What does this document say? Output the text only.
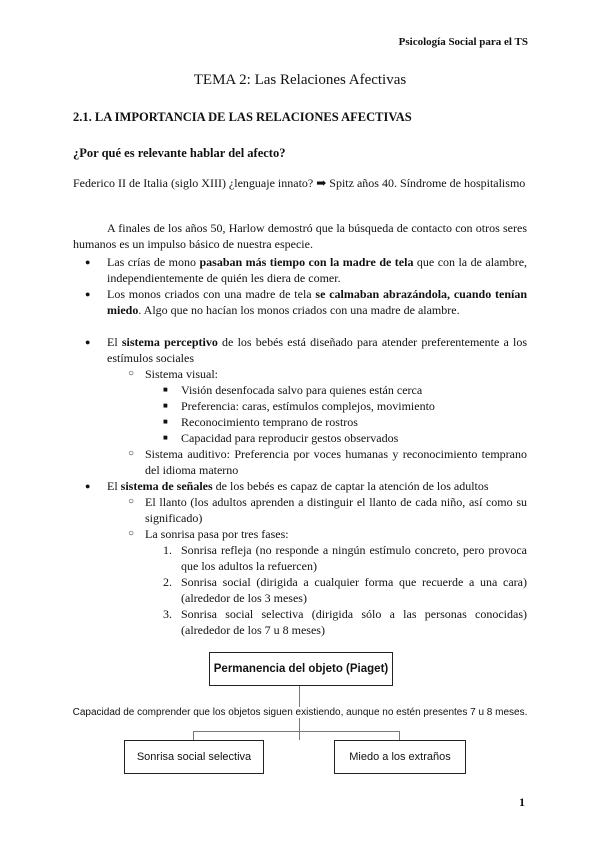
Psicología Social para el TS
TEMA 2: Las Relaciones Afectivas
2.1. LA IMPORTANCIA DE LAS RELACIONES AFECTIVAS
¿Por qué es relevante hablar del afecto?
Federico II de Italia (siglo XIII) ¿lenguaje innato? ➡ Spitz años 40. Síndrome de hospitalismo
A finales de los años 50, Harlow demostró que la búsqueda de contacto con otros seres humanos es un impulso básico de nuestra especie.
● Las crías de mono pasaban más tiempo con la madre de tela que con la de alambre, independientemente de quién les diera de comer.
● Los monos criados con una madre de tela se calmaban abrazándola, cuando tenían miedo. Algo que no hacían los monos criados con una madre de alambre.
● El sistema perceptivo de los bebés está diseñado para atender preferentemente a los estímulos sociales
○ Sistema visual:
■ Visión desenfocada salvo para quienes están cerca
■ Preferencia: caras, estímulos complejos, movimiento
■ Reconocimiento temprano de rostros
■ Capacidad para reproducir gestos observados
○ Sistema auditivo: Preferencia por voces humanas y reconocimiento temprano del idioma materno
● El sistema de señales de los bebés es capaz de captar la atención de los adultos
○ El llanto (los adultos aprenden a distinguir el llanto de cada niño, así como su significado)
○ La sonrisa pasa por tres fases:
1. Sonrisa refleja (no responde a ningún estímulo concreto, pero provoca que los adultos la refuercen)
2. Sonrisa social (dirigida a cualquier forma que recuerde a una cara) (alrededor de los 3 meses)
3. Sonrisa social selectiva (dirigida sólo a las personas conocidas) (alrededor de los 7 u 8 meses)
Permanencia del objeto (Piaget)
Capacidad de comprender que los objetos siguen existiendo, aunque no estén presentes 7 u 8 meses.
Sonrisa social selectiva	Miedo a los extraños
1
